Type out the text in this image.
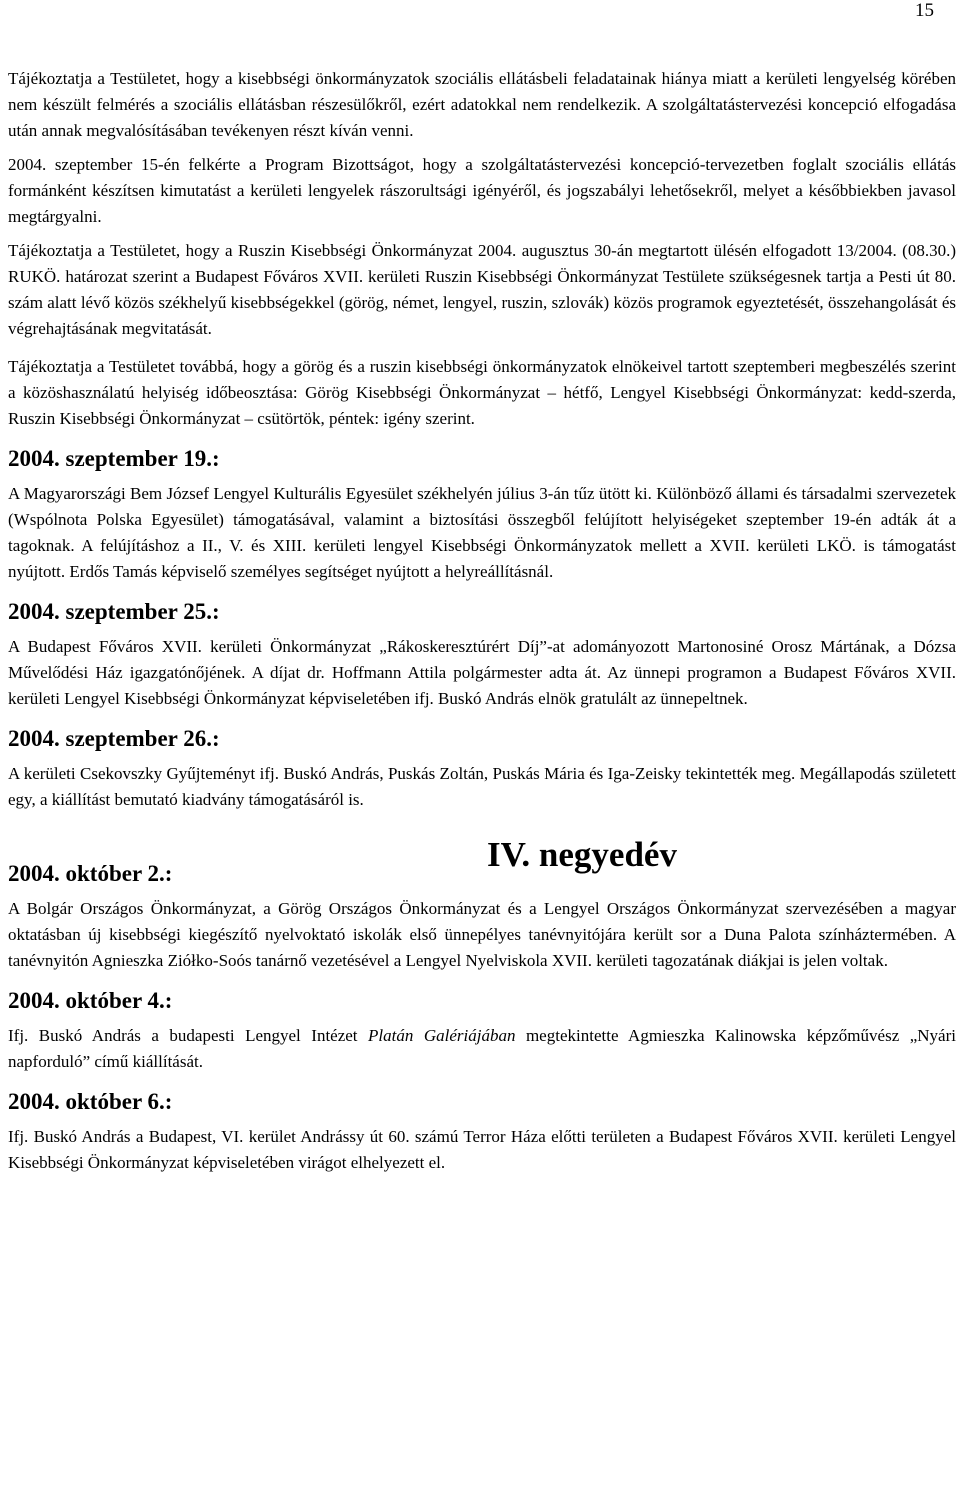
15

Tájékoztatja a Testületet, hogy a kisebbségi önkormányzatok szociális ellátásbeli feladatainak hiánya miatt a kerületi lengyelség körében nem készült felmérés a szociális ellátásban részesülőkről, ezért adatokkal nem rendelkezik. A szolgáltatástervezési koncepció elfogadása után annak megvalósításában tevékenyen részt kíván venni.

2004. szeptember 15-én felkérte a Program Bizottságot, hogy a szolgáltatástervezési koncepció-tervezetben foglalt szociális ellátás formánként készítsen kimutatást a kerületi lengyelek rászorultsági igényéről, és jogszabályi lehetősekről, melyet a későbbiekben javasol megtárgyalni.

Tájékoztatja a Testületet, hogy a Ruszin Kisebbségi Önkormányzat 2004. augusztus 30-án megtartott ülésén elfogadott 13/2004. (08.30.) RUKÖ. határozat szerint a Budapest Főváros XVII. kerületi Ruszin Kisebbségi Önkormányzat Testülete szükségesnek tartja a Pesti út 80. szám alatt lévő közös székhelyű kisebbségekkel (görög, német, lengyel, ruszin, szlovák) közös programok egyeztetését, összehangolását és végrehajtásának megvitatását.

Tájékoztatja a Testületet továbbá, hogy a görög és a ruszin kisebbségi önkormányzatok elnökeivel tartott szeptemberi megbeszélés szerint a közöshasználatú helyiség időbeosztása: Görög Kisebbségi Önkormányzat – hétfő, Lengyel Kisebbségi Önkormányzat: kedd-szerda, Ruszin Kisebbségi Önkormányzat – csütörtök, péntek: igény szerint.

2004. szeptember 19.:

A Magyarországi Bem József Lengyel Kulturális Egyesület székhelyén július 3-án tűz ütött ki. Különböző állami és társadalmi szervezetek (Wspólnota Polska Egyesület) támogatásával, valamint a biztosítási összegből felújított helyiségeket szeptember 19-én adták át a tagoknak. A felújításhoz a II., V. és XIII. kerületi lengyel Kisebbségi Önkormányzatok mellett a XVII. kerületi LKÖ. is támogatást nyújtott. Erdős Tamás képviselő személyes segítséget nyújtott a helyreállításnál.

2004. szeptember 25.:

A Budapest Főváros XVII. kerületi Önkormányzat „Rákoskeresztúrért Díj”-at adományozott Martonosiné Orosz Mártának, a Dózsa Művelődési Ház igazgatónőjének. A díjat dr. Hoffmann Attila polgármester adta át. Az ünnepi programon a Budapest Főváros XVII. kerületi Lengyel Kisebbségi Önkormányzat képviseletében ifj. Buskó András elnök gratulált az ünnepeltnek.

2004. szeptember 26.:

A kerületi Csekovszky Gyűjteményt ifj. Buskó András, Puskás Zoltán, Puskás Mária és Iga-Zeisky tekintették meg. Megállapodás született egy, a kiállítást bemutató kiadvány támogatásáról is.

IV. negyedév
2004. október 2.:

A Bolgár Országos Önkormányzat, a Görög Országos Önkormányzat és a Lengyel Országos Önkormányzat szervezésében a magyar oktatásban új kisebbségi kiegészítő nyelvoktató iskolák első ünnepélyes tanévnyitójára került sor a Duna Palota színháztermében. A tanévnyitón Agnieszka Ziółko-Soós tanárnő vezetésével a Lengyel Nyelviskola XVII. kerületi tagozatának diákjai is jelen voltak.

2004. október 4.:

Ifj. Buskó András a budapesti Lengyel Intézet Platán Galériájában megtekintette Agmieszka Kalinowska képzőművész „Nyári napforduló” című kiállítását.

2004. október 6.:

Ifj. Buskó András a Budapest, VI. kerület Andrássy út 60. számú Terror Háza előtti területen a Budapest Főváros XVII. kerületi Lengyel Kisebbségi Önkormányzat képviseletében virágot elhelyezett el.
